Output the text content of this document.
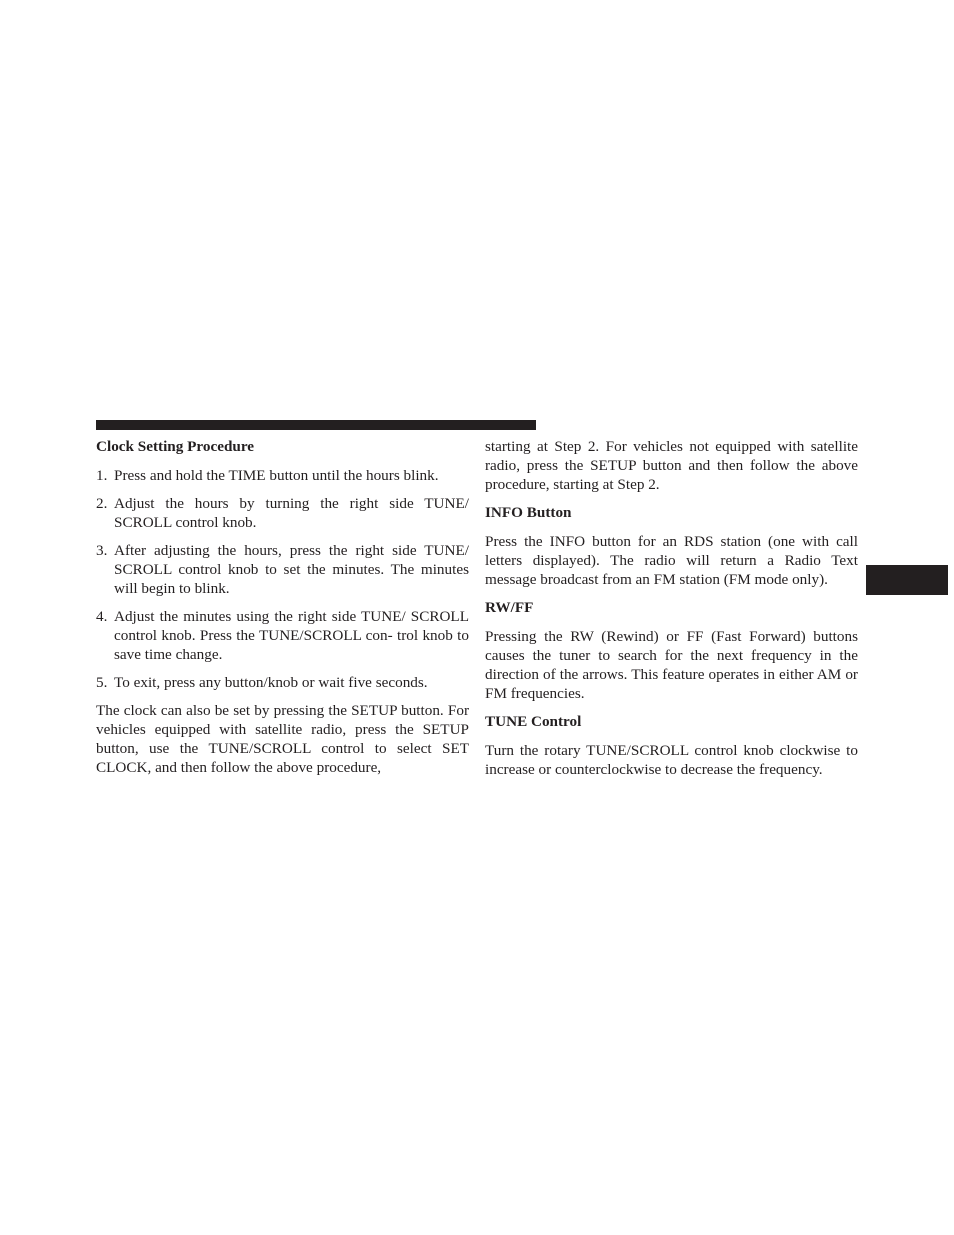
Clock Setting Procedure
1. Press and hold the TIME button until the hours blink.
2. Adjust the hours by turning the right side TUNE/ SCROLL control knob.
3. After adjusting the hours, press the right side TUNE/ SCROLL control knob to set the minutes. The minutes will begin to blink.
4. Adjust the minutes using the right side TUNE/ SCROLL control knob. Press the TUNE/SCROLL con- trol knob to save time change.
5. To exit, press any button/knob or wait five seconds.

The clock can also be set by pressing the SETUP button. For vehicles equipped with satellite radio, press the SETUP button, use the TUNE/SCROLL control to select SET CLOCK, and then follow the above procedure,

starting at Step 2. For vehicles not equipped with satellite radio, press the SETUP button and then follow the above procedure, starting at Step 2.

INFO Button

Press the INFO button for an RDS station (one with call letters displayed). The radio will return a Radio Text message broadcast from an FM station (FM mode only).

RW/FF

Pressing the RW (Rewind) or FF (Fast Forward) buttons causes the tuner to search for the next frequency in the direction of the arrows. This feature operates in either AM or FM frequencies.

TUNE Control

Turn the rotary TUNE/SCROLL control knob clockwise to increase or counterclockwise to decrease the frequency.
